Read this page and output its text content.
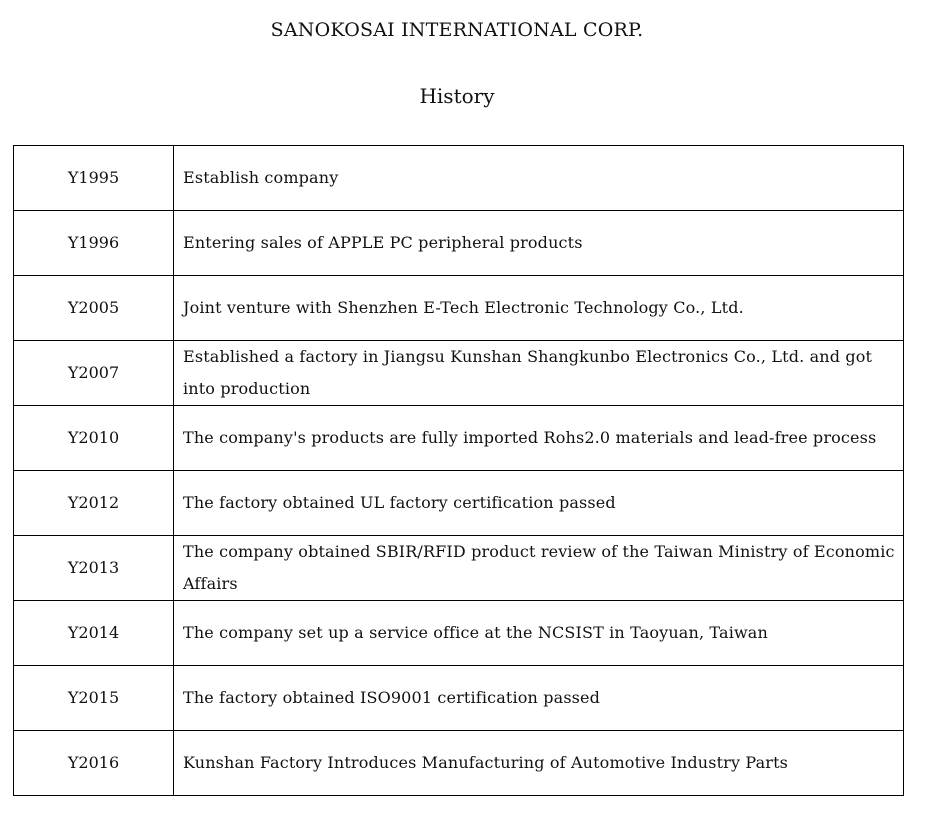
SANOKOSAI INTERNATIONAL CORP.
History
Y1995	Establish company
Y1996	Entering sales of APPLE PC peripheral products
Y2005	Joint venture with Shenzhen E-Tech Electronic Technology Co., Ltd.
Y2007	Established a factory in Jiangsu Kunshan Shangkunbo Electronics Co., Ltd. and got into production
Y2010	The company's products are fully imported Rohs2.0 materials and lead-free process
Y2012	The factory obtained UL factory certification passed
Y2013	The company obtained SBIR/RFID product review of the Taiwan Ministry of Economic Affairs
Y2014	The company set up a service office at the NCSIST in Taoyuan, Taiwan
Y2015	The factory obtained ISO9001 certification passed
Y2016	Kunshan Factory Introduces Manufacturing of Automotive Industry Parts
